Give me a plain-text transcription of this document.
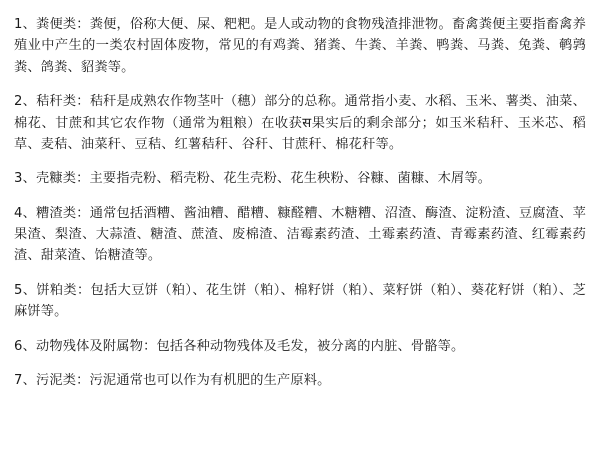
1、粪便类：粪便，俗称大便、屎、粑粑。是人或动物的食物残渣排泄物。畜禽粪便主要指畜禽养殖业中产生的一类农村固体废物，常见的有鸡粪、猪粪、牛粪、羊粪、鸭粪、马粪、兔粪、鹌鹑粪、鸽粪、貂粪等。

2、秸秆类：秸秆是成熟农作物茎叶（穗）部分的总称。通常指小麦、水稻、玉米、薯类、油菜、棉花、甘蔗和其它农作物（通常为粗粮）在收获स果实后的剩余部分；如玉米秸秆、玉米芯、稻草、麦秸、油菜秆、豆秸、红薯秸秆、谷秆、甘蔗秆、棉花秆等。

3、壳糠类：主要指壳粉、稻壳粉、花生壳粉、花生秧粉、谷糠、菌糠、木屑等。

4、糟渣类：通常包括酒糟、酱油糟、醋糟、糠醛糟、木糖糟、沼渣、酶渣、淀粉渣、豆腐渣、苹果渣、梨渣、大蒜渣、糖渣、蔗渣、废棉渣、洁霉素药渣、土霉素药渣、青霉素药渣、红霉素药渣、甜菜渣、饴糖渣等。

5、饼粕类：包括大豆饼（粕）、花生饼（粕）、棉籽饼（粕）、菜籽饼（粕）、葵花籽饼（粕）、芝麻饼等。

6、动物残体及附属物：包括各种动物残体及毛发，被分离的内脏、骨骼等。

7、污泥类：污泥通常也可以作为有机肥的生产原料。
